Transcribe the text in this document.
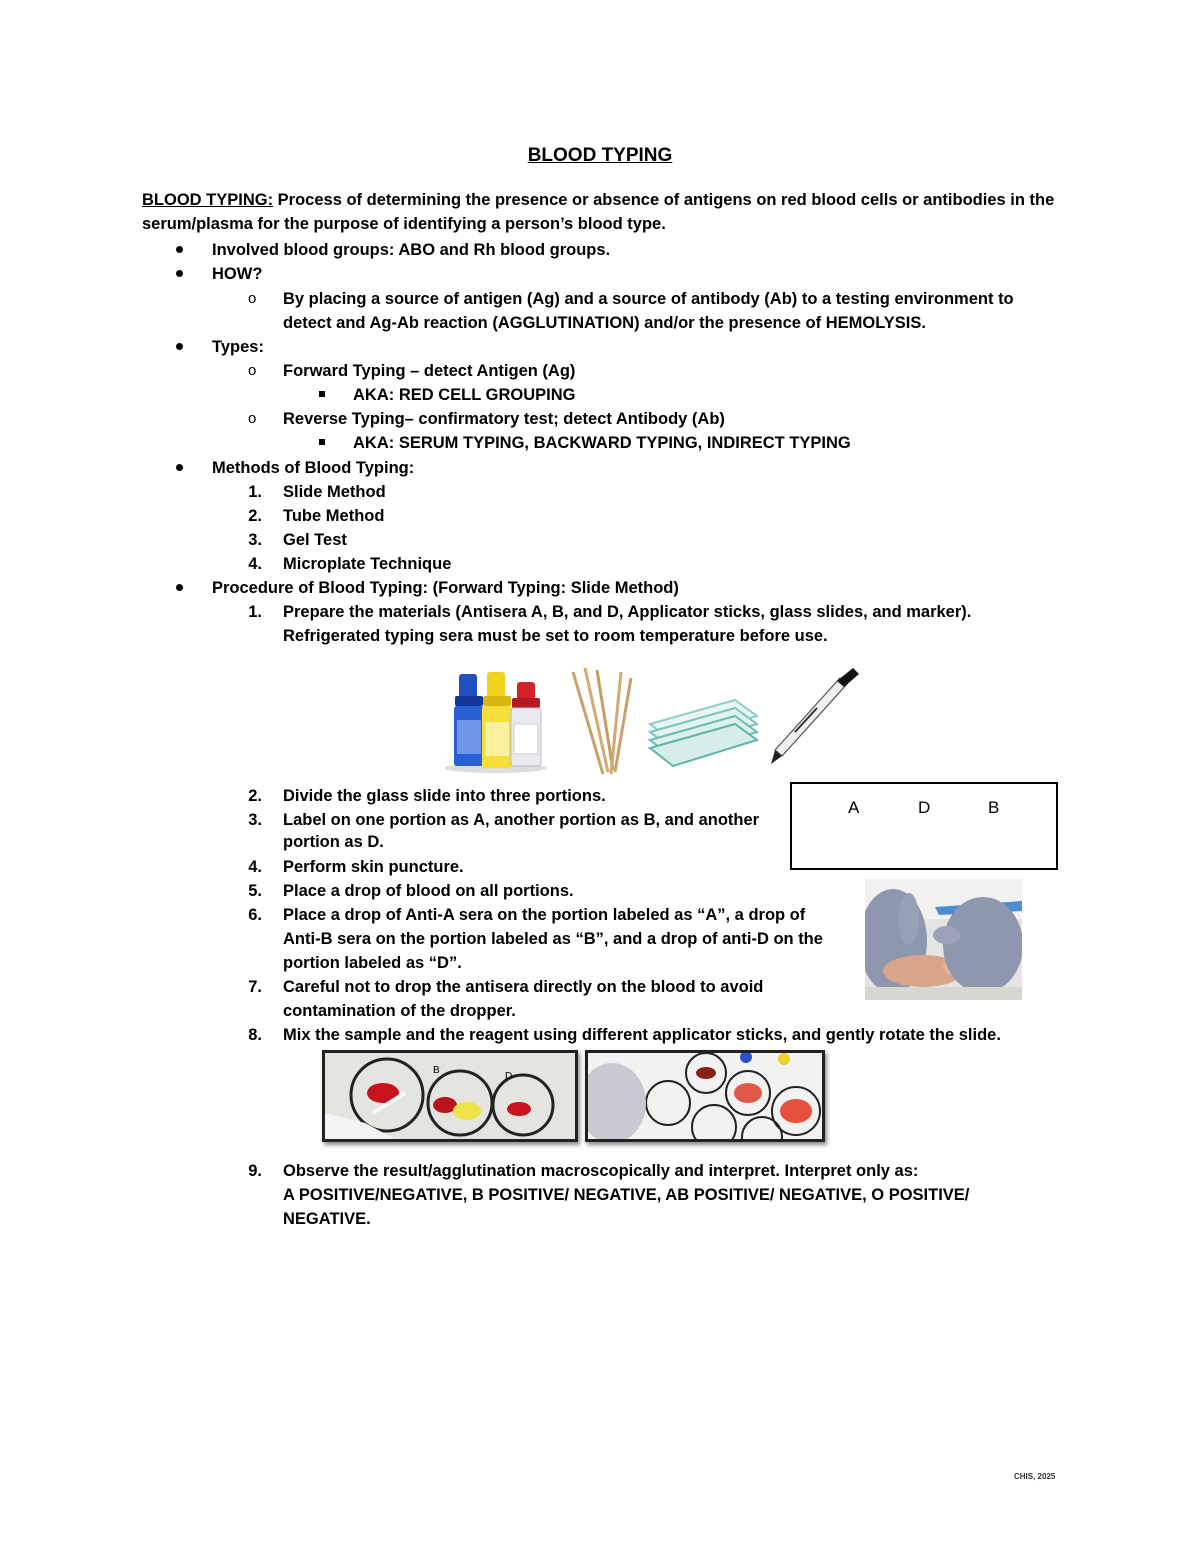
BLOOD TYPING
BLOOD TYPING: Process of determining the presence or absence of antigens on red blood cells or antibodies in the
serum/plasma for the purpose of identifying a person’s blood type.
Involved blood groups: ABO and Rh blood groups.
HOW?
o By placing a source of antigen (Ag) and a source of antibody (Ab) to a testing environment to
detect and Ag-Ab reaction (AGGLUTINATION) and/or the presence of HEMOLYSIS.
Types:
o Forward Typing – detect Antigen (Ag)
AKA: RED CELL GROUPING
o Reverse Typing– confirmatory test; detect Antibody (Ab)
AKA: SERUM TYPING, BACKWARD TYPING, INDIRECT TYPING
Methods of Blood Typing:
1. Slide Method
2. Tube Method
3. Gel Test
4. Microplate Technique
Procedure of Blood Typing: (Forward Typing: Slide Method)
1. Prepare the materials (Antisera A, B, and D, Applicator sticks, glass slides, and marker).
Refrigerated typing sera must be set to room temperature before use.
2. Divide the glass slide into three portions.
3. Label on one portion as A, another portion as B, and another
portion as D.
4. Perform skin puncture.
5. Place a drop of blood on all portions.
6. Place a drop of Anti-A sera on the portion labeled as “A”, a drop of
Anti-B sera on the portion labeled as “B”, and a drop of anti-D on the
portion labeled as “D”.
7. Careful not to drop the antisera directly on the blood to avoid
contamination of the dropper.
8. Mix the sample and the reagent using different applicator sticks, and gently rotate the slide.
A	D	B
B
D
9. Observe the result/agglutination macroscopically and interpret. Interpret only as:
A POSITIVE/NEGATIVE, B POSITIVE/ NEGATIVE, AB POSITIVE/ NEGATIVE, O POSITIVE/
NEGATIVE.
CHIS, 2025
